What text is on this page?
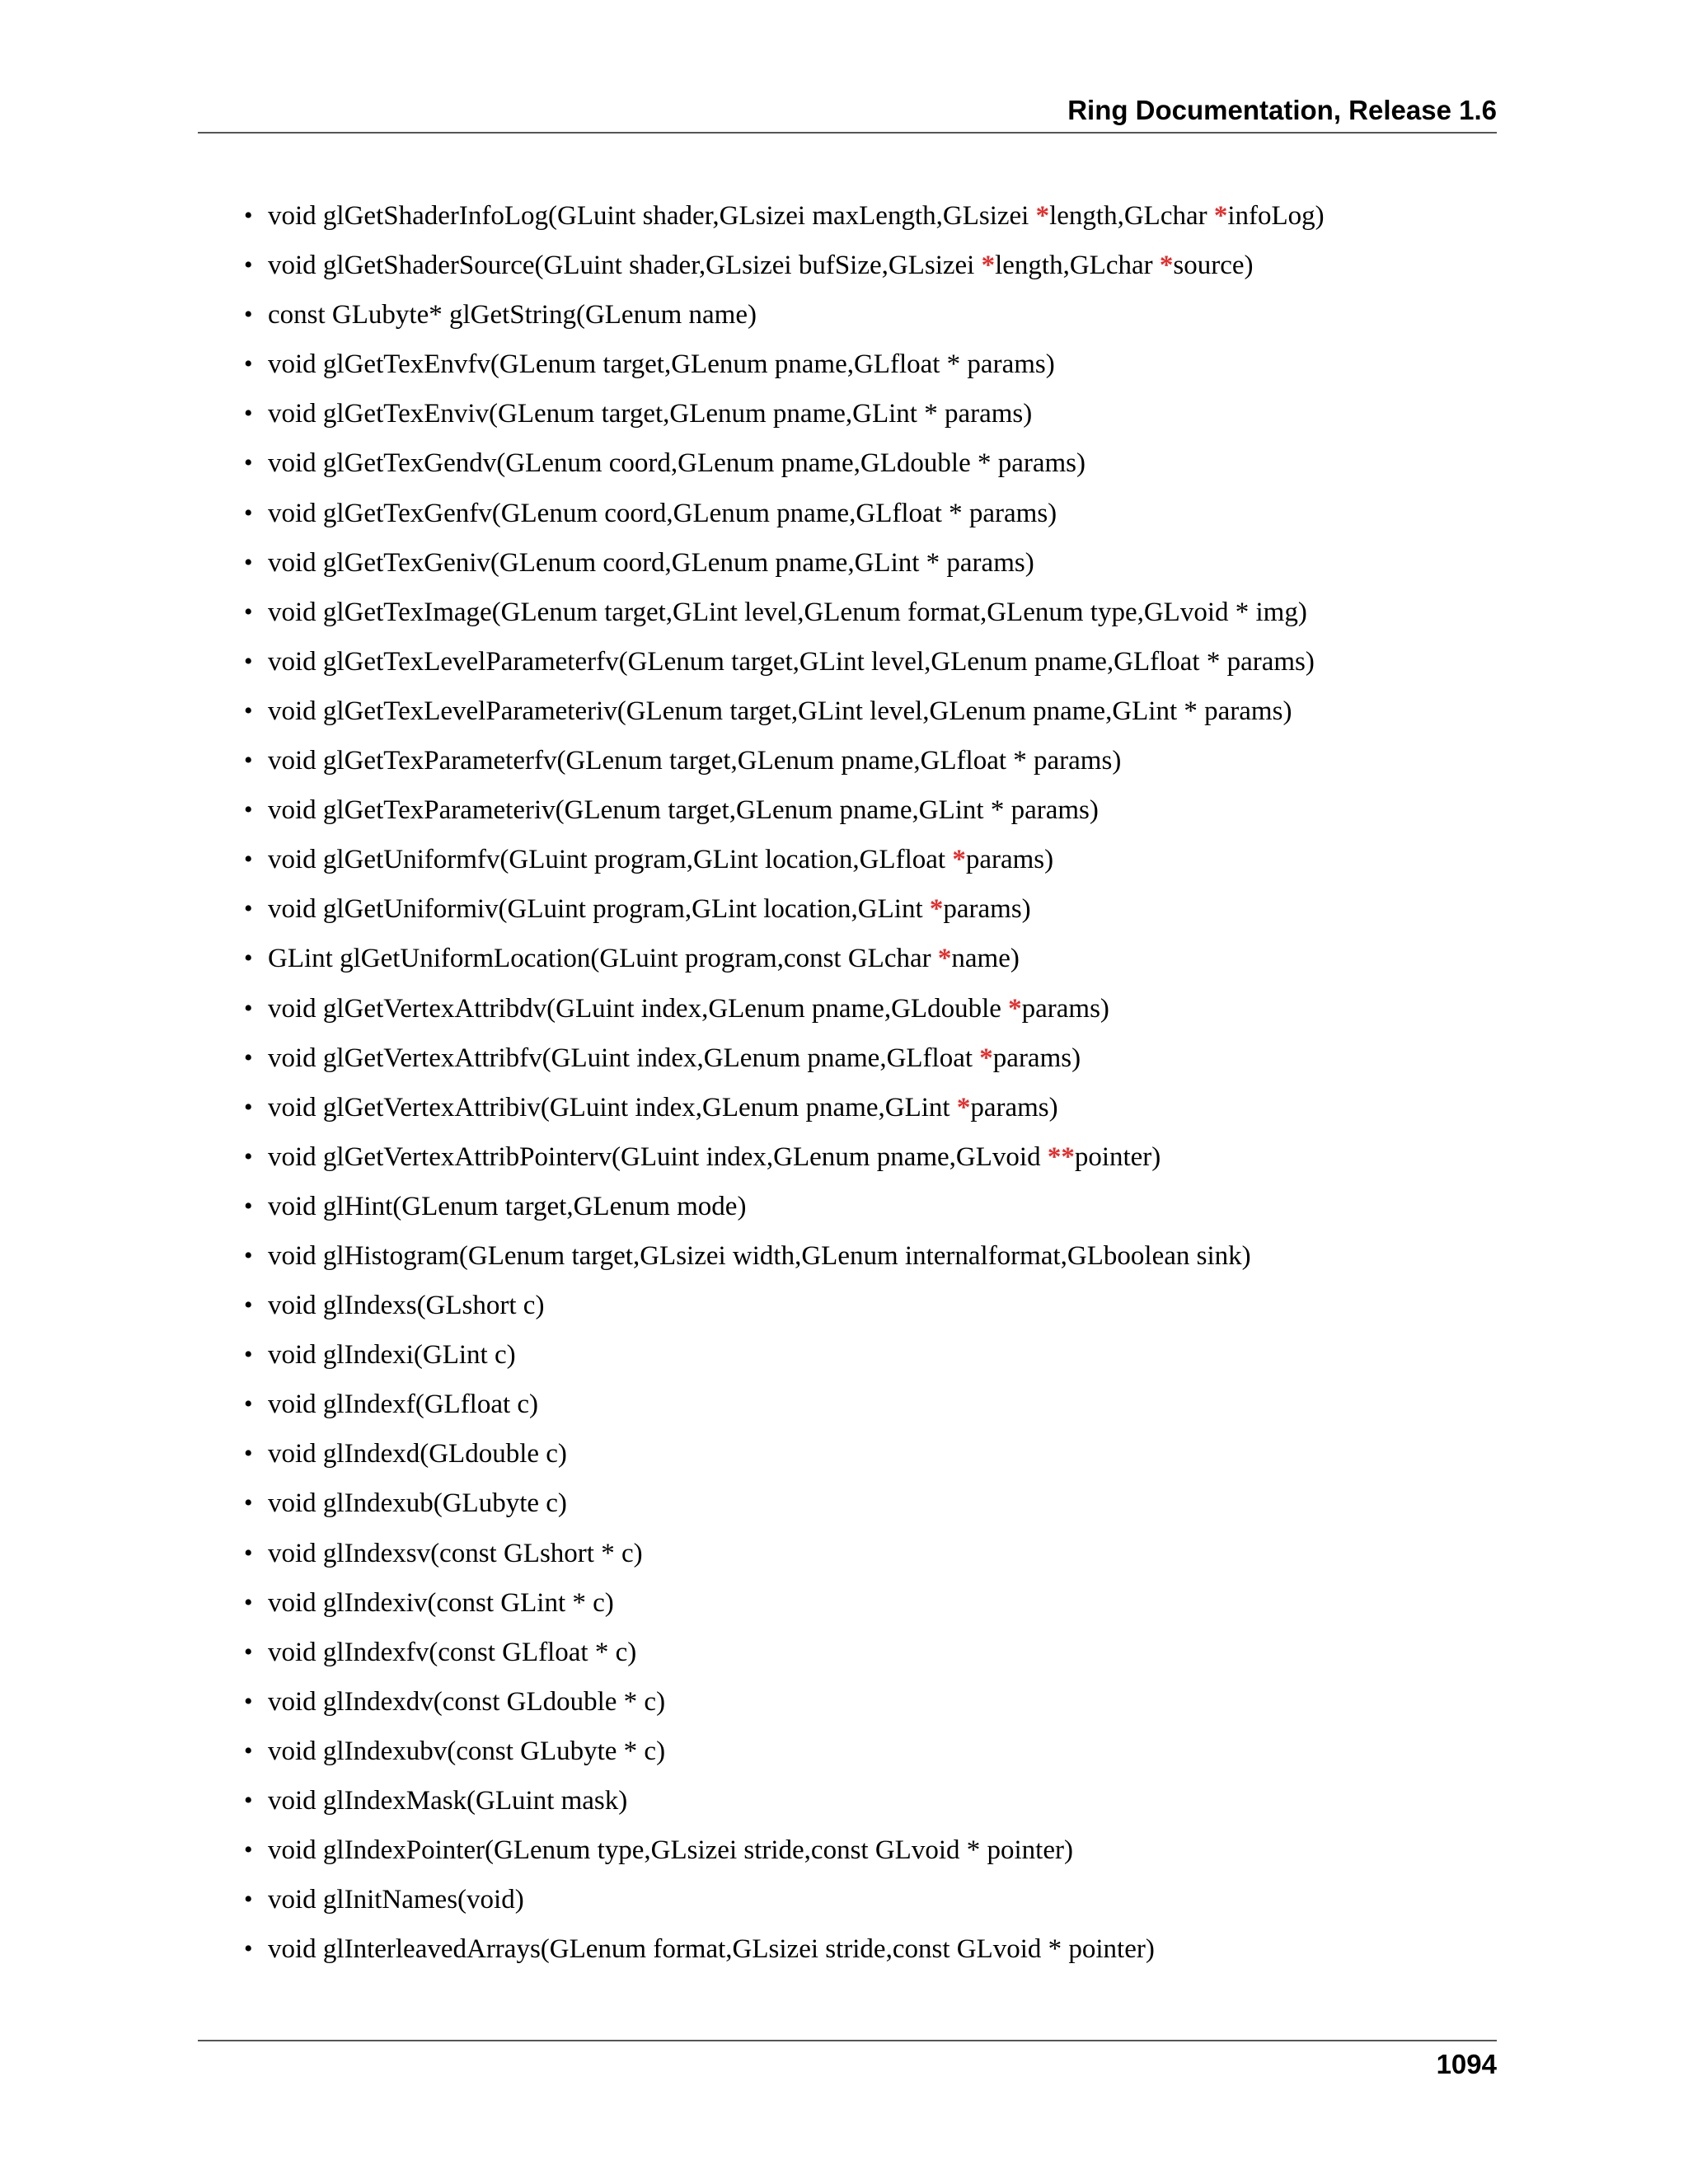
Ring Documentation, Release 1.6
• void glGetShaderInfoLog(GLuint shader,GLsizei maxLength,GLsizei *length,GLchar *infoLog)
• void glGetShaderSource(GLuint shader,GLsizei bufSize,GLsizei *length,GLchar *source)
• const GLubyte* glGetString(GLenum name)
• void glGetTexEnvfv(GLenum target,GLenum pname,GLfloat * params)
• void glGetTexEnviv(GLenum target,GLenum pname,GLint * params)
• void glGetTexGendv(GLenum coord,GLenum pname,GLdouble * params)
• void glGetTexGenfv(GLenum coord,GLenum pname,GLfloat * params)
• void glGetTexGeniv(GLenum coord,GLenum pname,GLint * params)
• void glGetTexImage(GLenum target,GLint level,GLenum format,GLenum type,GLvoid * img)
• void glGetTexLevelParameterfv(GLenum target,GLint level,GLenum pname,GLfloat * params)
• void glGetTexLevelParameteriv(GLenum target,GLint level,GLenum pname,GLint * params)
• void glGetTexParameterfv(GLenum target,GLenum pname,GLfloat * params)
• void glGetTexParameteriv(GLenum target,GLenum pname,GLint * params)
• void glGetUniformfv(GLuint program,GLint location,GLfloat *params)
• void glGetUniformiv(GLuint program,GLint location,GLint *params)
• GLint glGetUniformLocation(GLuint program,const GLchar *name)
• void glGetVertexAttribdv(GLuint index,GLenum pname,GLdouble *params)
• void glGetVertexAttribfv(GLuint index,GLenum pname,GLfloat *params)
• void glGetVertexAttribiv(GLuint index,GLenum pname,GLint *params)
• void glGetVertexAttribPointerv(GLuint index,GLenum pname,GLvoid **pointer)
• void glHint(GLenum target,GLenum mode)
• void glHistogram(GLenum target,GLsizei width,GLenum internalformat,GLboolean sink)
• void glIndexs(GLshort c)
• void glIndexi(GLint c)
• void glIndexf(GLfloat c)
• void glIndexd(GLdouble c)
• void glIndexub(GLubyte c)
• void glIndexsv(const GLshort * c)
• void glIndexiv(const GLint * c)
• void glIndexfv(const GLfloat * c)
• void glIndexdv(const GLdouble * c)
• void glIndexubv(const GLubyte * c)
• void glIndexMask(GLuint mask)
• void glIndexPointer(GLenum type,GLsizei stride,const GLvoid * pointer)
• void glInitNames(void)
• void glInterleavedArrays(GLenum format,GLsizei stride,const GLvoid * pointer)
1094
